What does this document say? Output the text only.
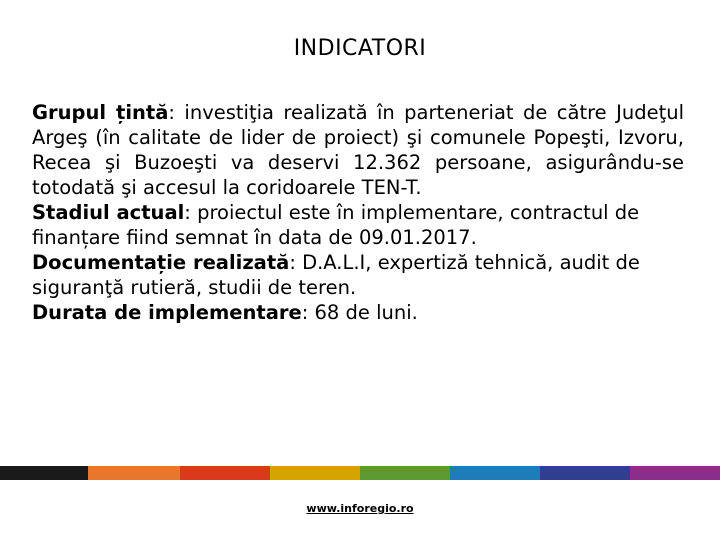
INDICATORI

Grupul țintă: investiţia realizată în parteneriat de către Judeţul Argeş (în calitate de lider de proiect) şi comunele Popeşti, Izvoru, Recea şi Buzoeşti va deservi 12.362 persoane, asigurându-se totodată şi accesul la coridoarele TEN-T.

Stadiul actual: proiectul este în implementare, contractul de finanțare fiind semnat în data de 09.01.2017.

Documentație realizată: D.A.L.I, expertiză tehnică, audit de siguranţă rutieră, studii de teren.

Durata de implementare: 68 de luni.

www.inforegio.ro
